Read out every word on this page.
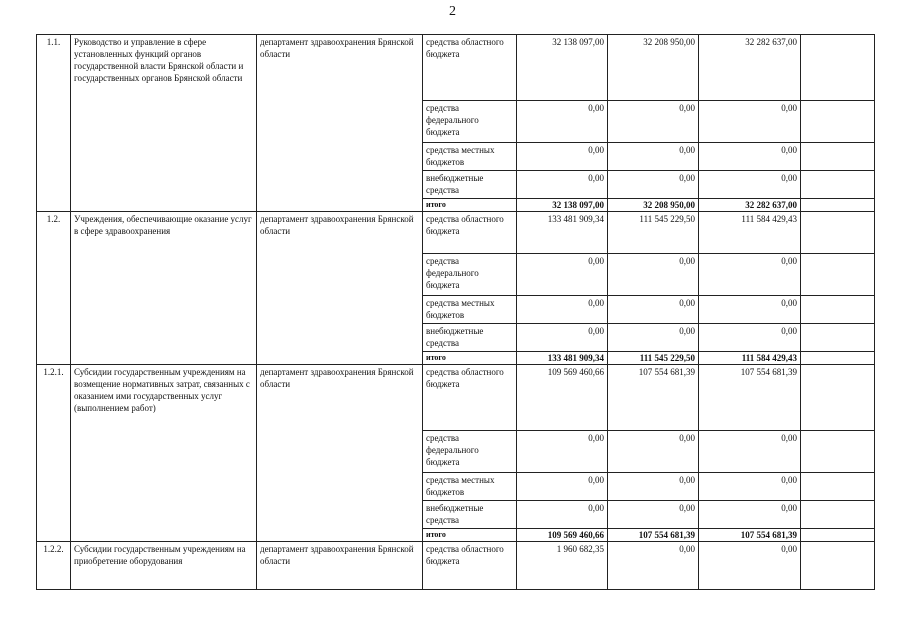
2
1.1.	Руководство и управление в сфере установленных функций органов государственной власти Брянской области и государственных органов Брянской области	департамент здравоохранения Брянской области	средства областного бюджета	32 138 097,00	32 208 950,00	32 282 637,00	
			средства федерального бюджета	0,00	0,00	0,00	
			средства местных бюджетов	0,00	0,00	0,00	
			внебюджетные средства	0,00	0,00	0,00	
			итого	32 138 097,00	32 208 950,00	32 282 637,00	
1.2.	Учреждения, обеспечивающие оказание услуг в сфере здравоохранения	департамент здравоохранения Брянской области	средства областного бюджета	133 481 909,34	111 545 229,50	111 584 429,43	
			средства федерального бюджета	0,00	0,00	0,00	
			средства местных бюджетов	0,00	0,00	0,00	
			внебюджетные средства	0,00	0,00	0,00	
			итого	133 481 909,34	111 545 229,50	111 584 429,43	
1.2.1.	Субсидии государственным учреждениям на возмещение нормативных затрат, связанных с оказанием ими государственных услуг (выполнением работ)	департамент здравоохранения Брянской области	средства областного бюджета	109 569 460,66	107 554 681,39	107 554 681,39	
			средства федерального бюджета	0,00	0,00	0,00	
			средства местных бюджетов	0,00	0,00	0,00	
			внебюджетные средства	0,00	0,00	0,00	
			итого	109 569 460,66	107 554 681,39	107 554 681,39	
1.2.2.	Субсидии государственным учреждениям на приобретение оборудования	департамент здравоохранения Брянской области	средства областного бюджета	1 960 682,35	0,00	0,00	
